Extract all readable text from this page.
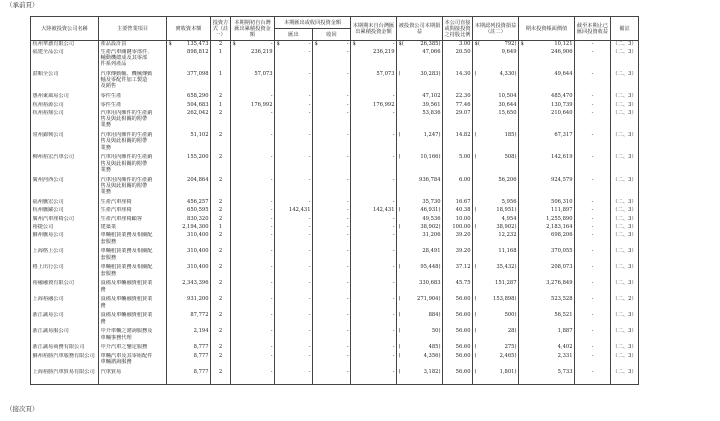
（承前頁）
大陸被投資公司名稱	主要營業項目	實收資本額	投資方式（註一）	本期期初自台灣匯出累積投資金額	本期匯出或收回投資金額		本期期末自台灣匯出累積投資金額	被投資公司本期損益	本公司直接或間接投資之持股比例	本期認列投資損益（註二）	期末投資帳面價值	截至本期止已匯回投資收益	備註
					匯出	收回							
杭州華創有限公司	產品設計買	$ 135,473	2	$ -	$ -	$ -	$ -	$ ( 26,385)	3.00	$ ( 792)	$ 10,121	-	（二、3）
福建全品公司	生產汽車關鍵零部件、
輔動機總成及其零部
件系列產品	898,812	1	236,219	-	-	236,219	47,066	20.50	9,649	246,906	-	（二、3）
湛順全公司	汽車傳動軸、機械傳動
軸及零配件加工製造
及銷售	377,098	1	57,073	-	-	57,073	( 30,283)	14.30	( 4,330)	49,644	-	（二、3）
惠州東風易公司	零件生產	658,290	2	-	-	-	-	47,102	22.30	10,504	485,470	-	（二、3）
杭州裕源公司	零件生產	504,683	1	176,992	-	-	176,992	39,561	77.46	30,644	130,739	-	（二、3）
杭州裕鼎公司	汽車用內飾件的生產銷
售及與此相關的附帶
業務	262,042	2	-	-	-	-	53,836	29.07	15,650	210,640	-	（二、3）
常州錦興公司	汽車用內飾件的生產銷
售及與此相關的附帶
業務	51,102	2	-	-	-	-	( 1,247)	14.82	( 185)	67,317	-	（二、3）
柳州裕宏汽車公司	汽車用內飾件的生產銷
售及與此相關的附帶
業務	155,200	2	-	-	-	-	( 10,166)	5.00	( 508)	142,619	-	（二、3）
廣州河西公司	汽車用內飾件的生產銷
售及與此相關的附帶
業務	204,864	2	-	-	-	-	936,784	6.00	56,206	924,579	-	（二、3）
福州騰宏公司	生產汽車座椅	456,257	2	-	-	-	-	35,730	16.67	5,956	506,310	-	（二、3）
杭州騰躍公司	生產汽車座椅	650,595	2	-	142,431	-	142,431	( 46,931)	40.38	( 18,951)	111,897	-	（二、3）
廣州汽車座椅公司	生產汽車座椅顧客	830,320	2	-	-	-	-	49,536	10.00	4,954	1,255,890	-	（二、3）
裕捷公司	建築業	2,194,300	1	-	-	-	-	( 38,902)	100.00	( 38,902)	2,183,164	-	（二、3）
蘇州騰易公司	車輛租賃業務及相關配
套服務	310,400	2	-	-	-	-	31,206	39.20	12,232	698,206	-	（二、3）
上海格上公司	車輛租賃業務及相關配
套服務	310,400	2	-	-	-	-	28,491	39.20	11,168	370,055	-	（二、3）
格上出行公司	車輛租賃業務及相關配
套服務	310,400	2	-	-	-	-	( 95,448)	37.12	( 35,432)	208,073	-	（二、3）
裕融融資有限公司	設備及車輛融資租賃業
務	2,343,396	2	-	-	-	-	330,683	45.75	151,287	3,276,849	-	（二、3）
上海裕融公司	設備及車輛融資租賃業
務	931,200	2	-	-	-	-	( 271,904)	56.60	( 153,898)	523,528	-	（二、2）
浙江誠易公司	設備及車輛融資租賃業
務	87,772	2	-	-	-	-	( 884)	56.60	( 500)	56,521	-	（二、3）
浙江誠易服公司	中介車輛之諮詢服務及
車輛事務代理	2,194	2	-	-	-	-	( 50)	56.60	( 28)	1,887	-	（二、3）
浙江誠易商務有限公司	中介汽車之鑒定服務	8,777	2	-	-	-	-	( 485)	56.60	( 275)	4,402	-	（二、3）
蘇州裕勝汽車服務有限公司	車輛汽車及其零組配件
車輛諮詢服務	8,777	2	-	-	-	-	( 4,356)	56.60	( 2,465)	2,331	-	（二、3）
上海裕勝汽車貿易有限公司	汽車貿易	8,777	2	-	-	-	-	( 3,182)	56.60	( 1,801)	5,733	-	（二、3）
（接次頁）
